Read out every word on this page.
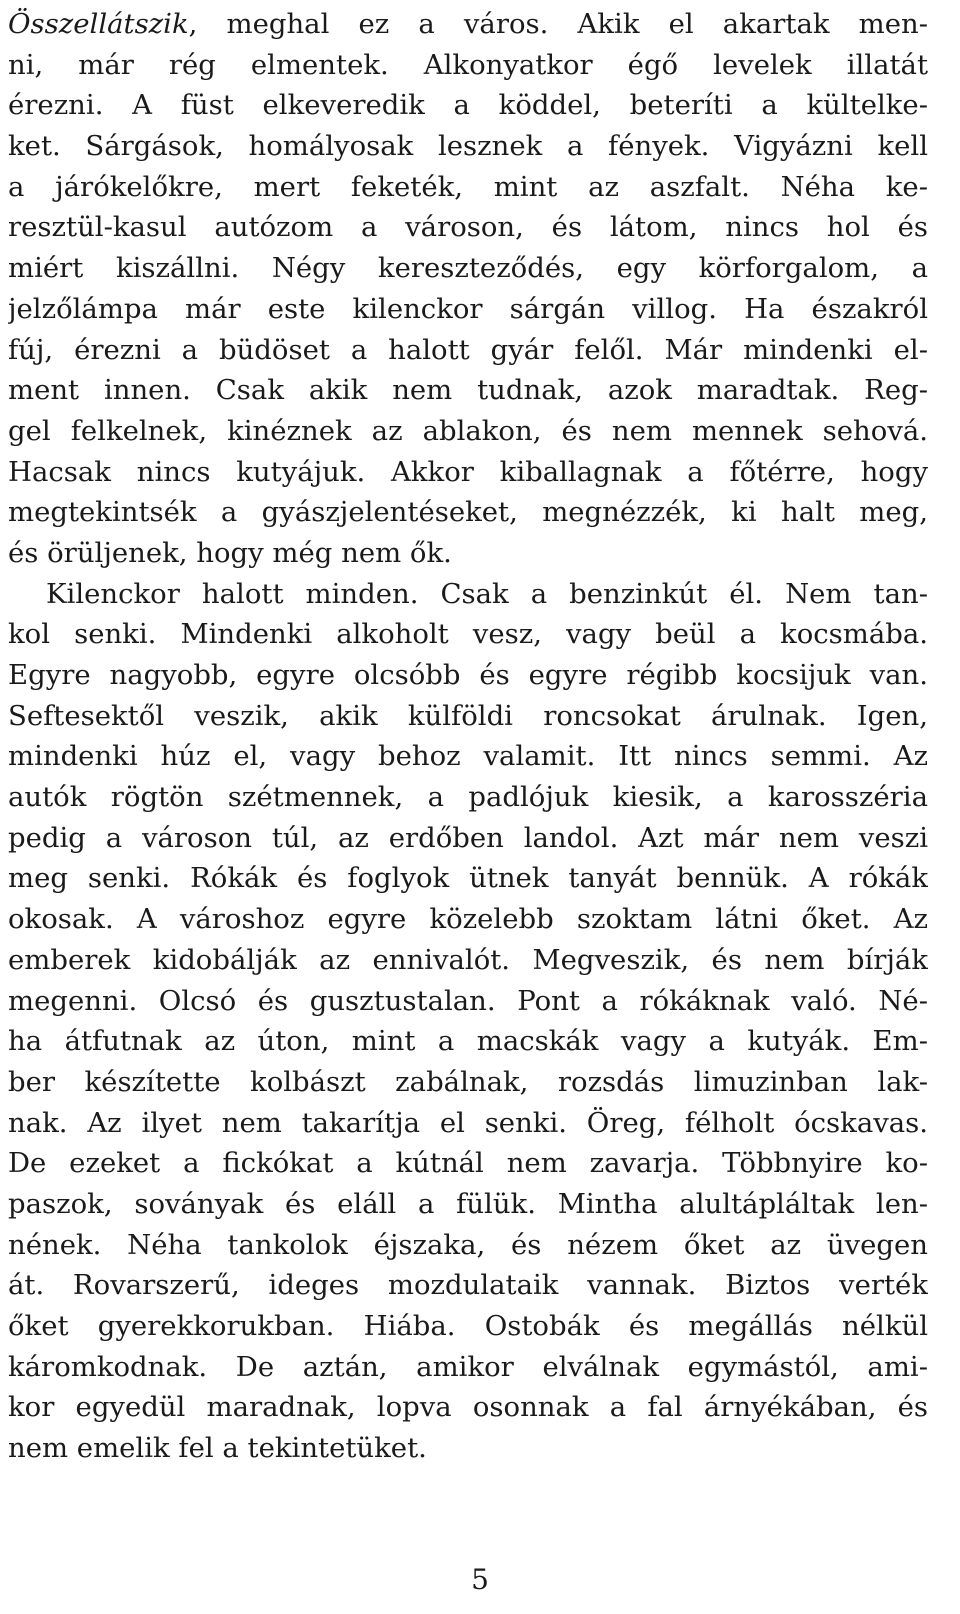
Összellátszik, meghal ez a város. Akik el akartak men-
ni, már rég elmentek. Alkonyatkor égő levelek illatát
érezni. A füst elkeveredik a köddel, beteríti a kültelke-
ket. Sárgások, homályosak lesznek a fények. Vigyázni kell
a járókelőkre, mert feketék, mint az aszfalt. Néha ke-
resztül-kasul autózom a városon, és látom, nincs hol és
miért kiszállni. Négy kereszteződés, egy körforgalom, a
jelzőlámpa már este kilenckor sárgán villog. Ha északról
fúj, érezni a büdöset a halott gyár felől. Már mindenki el-
ment innen. Csak akik nem tudnak, azok maradtak. Reg-
gel felkelnek, kinéznek az ablakon, és nem mennek sehová.
Hacsak nincs kutyájuk. Akkor kiballagnak a főtérre, hogy
megtekintsék a gyászjelentéseket, megnézzék, ki halt meg,
és örüljenek, hogy még nem ők.
Kilenckor halott minden. Csak a benzinkút él. Nem tan-
kol senki. Mindenki alkoholt vesz, vagy beül a kocsmába.
Egyre nagyobb, egyre olcsóbb és egyre régibb kocsijuk van.
Seftesektől veszik, akik külföldi roncsokat árulnak. Igen,
mindenki húz el, vagy behoz valamit. Itt nincs semmi. Az
autók rögtön szétmennek, a padlójuk kiesik, a karosszéria
pedig a városon túl, az erdőben landol. Azt már nem veszi
meg senki. Rókák és foglyok ütnek tanyát bennük. A rókák
okosak. A városhoz egyre közelebb szoktam látni őket. Az
emberek kidobálják az ennivalót. Megveszik, és nem bírják
megenni. Olcsó és gusztustalan. Pont a rókáknak való. Né-
ha átfutnak az úton, mint a macskák vagy a kutyák. Em-
ber készítette kolbászt zabálnak, rozsdás limuzinban lak-
nak. Az ilyet nem takarítja el senki. Öreg, félholt ócskavas.
De ezeket a fickókat a kútnál nem zavarja. Többnyire ko-
paszok, soványak és eláll a fülük. Mintha alultápláltak len-
nének. Néha tankolok éjszaka, és nézem őket az üvegen
át. Rovarszerű, ideges mozdulataik vannak. Biztos verték
őket gyerekkorukban. Hiába. Ostobák és megállás nélkül
káromkodnak. De aztán, amikor elválnak egymástól, ami-
kor egyedül maradnak, lopva osonnak a fal árnyékában, és
nem emelik fel a tekintetüket.
5
